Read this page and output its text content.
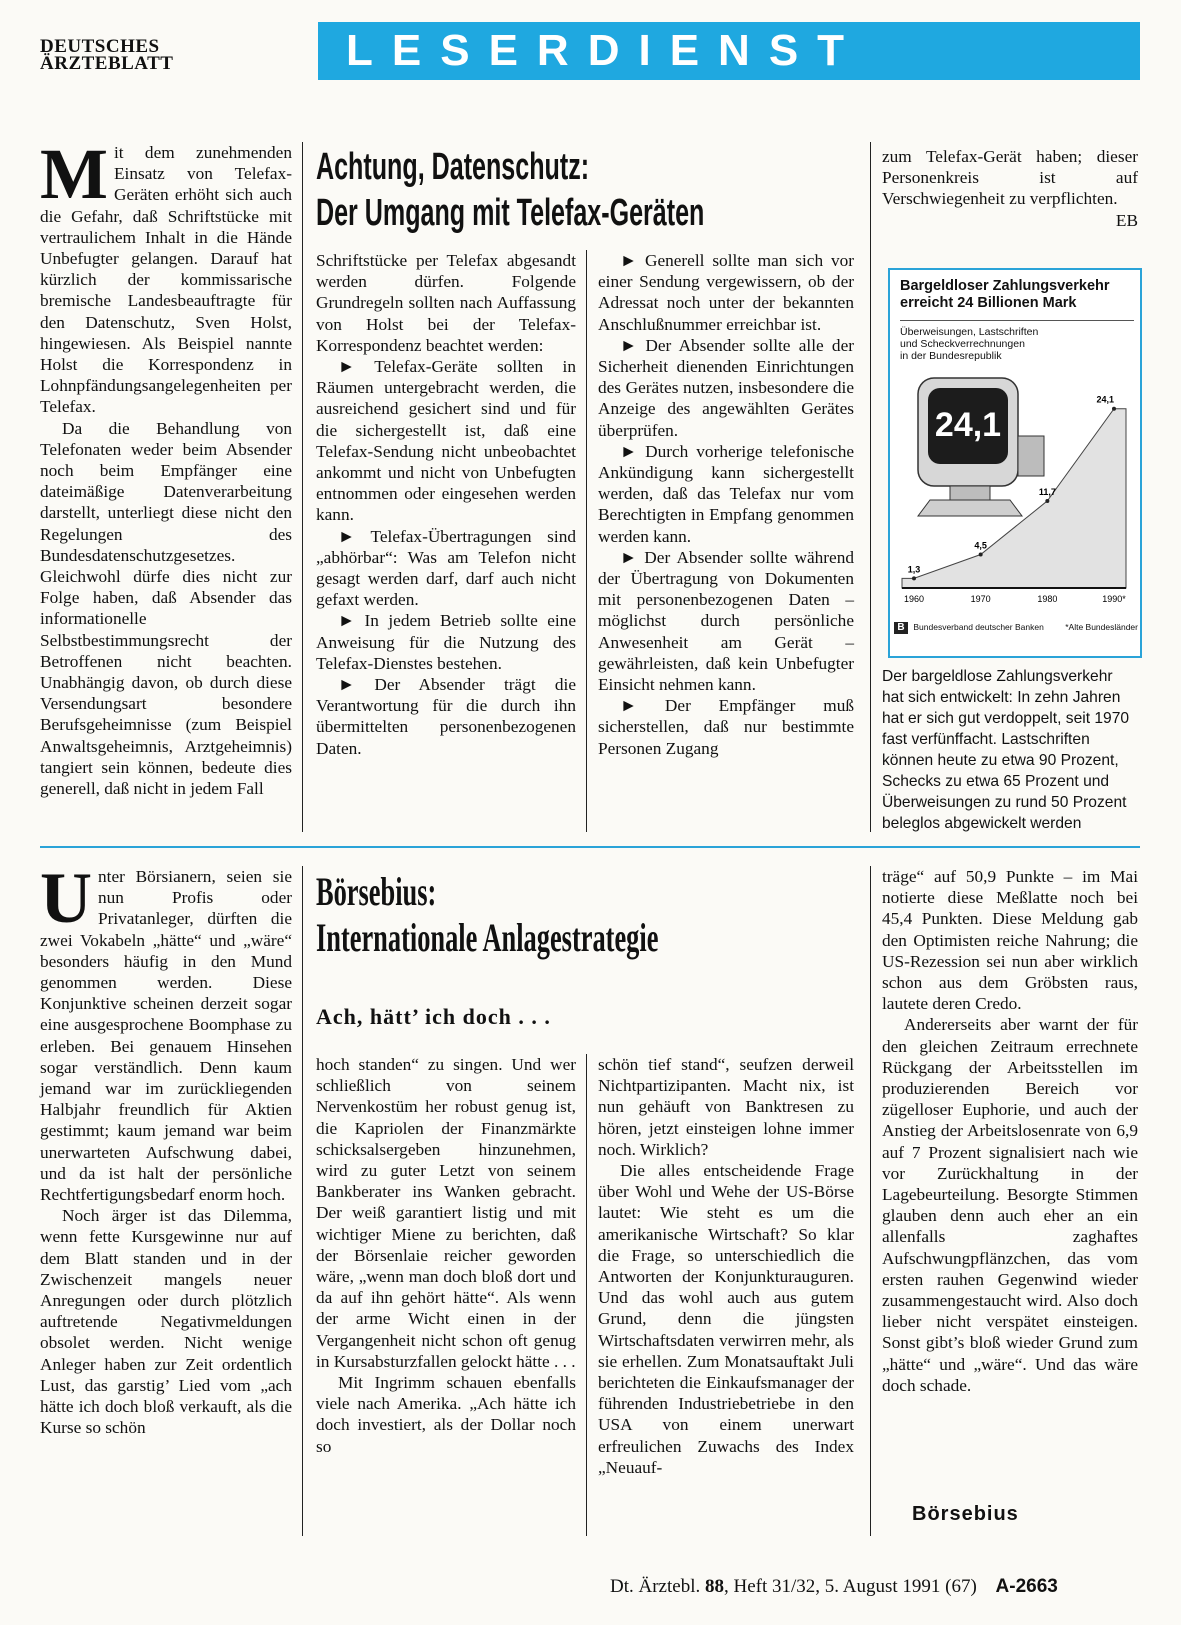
DEUTSCHES
ÄRZTEBLATT	LESERDIENST
M it dem zunehmenden Einsatz von Telefax-Geräten erhöht sich auch die Gefahr, daß Schriftstücke mit vertraulichem Inhalt in die Hände Unbefugter gelangen. Darauf hat kürzlich der kommissarische bremische Landesbeauftragte für den Datenschutz, Sven Holst, hingewiesen. Als Beispiel nannte Holst die Korrespondenz in Lohnpfändungsangelegenheiten per Telefax.

Da die Behandlung von Telefonaten weder beim Absender noch beim Empfänger eine dateimäßige Datenverarbeitung darstellt, unterliegt diese nicht den Regelungen des Bundesdatenschutzgesetzes. Gleichwohl dürfe dies nicht zur Folge haben, daß Absender das informationelle Selbstbestimmungsrecht der Betroffenen nicht beachten. Unabhängig davon, ob durch diese Versendungsart besondere Berufsgeheimnisse (zum Beispiel Anwaltsgeheimnis, Arztgeheimnis) tangiert sein können, bedeute dies generell, daß nicht in jedem Fall

Achtung, Datenschutz:
Der Umgang mit Telefax-Geräten

Schriftstücke per Telefax abgesandt werden dürfen. Folgende Grundregeln sollten nach Auffassung von Holst bei der Telefax-Korrespondenz beachtet werden:

► Telefax-Geräte sollten in Räumen untergebracht werden, die ausreichend gesichert sind und für die sichergestellt ist, daß eine Telefax-Sendung nicht unbeobachtet ankommt und nicht von Unbefugten entnommen oder eingesehen werden kann.

► Telefax-Übertragungen sind „abhörbar“: Was am Telefon nicht gesagt werden darf, darf auch nicht gefaxt werden.

► In jedem Betrieb sollte eine Anweisung für die Nutzung des Telefax-Dienstes bestehen.

► Der Absender trägt die Verantwortung für die durch ihn übermittelten personenbezogenen Daten.

► Generell sollte man sich vor einer Sendung vergewissern, ob der Adressat noch unter der bekannten Anschlußnummer erreichbar ist.

► Der Absender sollte alle der Sicherheit dienenden Einrichtungen des Gerätes nutzen, insbesondere die Anzeige des angewählten Gerätes überprüfen.

► Durch vorherige telefonische Ankündigung kann sichergestellt werden, daß das Telefax nur vom Berechtigten in Empfang genommen werden kann.

► Der Absender sollte während der Übertragung von Dokumenten mit personenbezogenen Daten – möglichst durch persönliche Anwesenheit am Gerät – gewährleisten, daß kein Unbefugter Einsicht nehmen kann.

► Der Empfänger muß sicherstellen, daß nur bestimmte Personen Zugang

zum Telefax-Gerät haben; dieser Personenkreis ist auf Verschwiegenheit zu verpflichten.
EB

Bargeldloser Zahlungsverkehr
erreicht 24 Billionen Mark
Überweisungen, Lastschriften
und Scheckverrechnungen
in der Bundesrepublik
24,1
1,3
1960
4,5
1970
11,7
1980
24,1
1990*
B Bundesverband deutscher Banken	*Alte Bundesländer
Der bargeldlose Zahlungsverkehr hat sich entwickelt: In zehn Jahren hat er sich gut verdoppelt, seit 1970 fast verfünffacht. Lastschriften können heute zu etwa 90 Prozent, Schecks zu etwa 65 Prozent und Überweisungen zu rund 50 Prozent beleglos abgewickelt werden
U nter Börsianern, seien sie nun Profis oder Privatanleger, dürften die zwei Vokabeln „hätte“ und „wäre“ besonders häufig in den Mund genommen werden. Diese Konjunktive scheinen derzeit sogar eine ausgesprochene Boomphase zu erleben. Bei genauem Hinsehen sogar verständlich. Denn kaum jemand war im zurückliegenden Halbjahr freundlich für Aktien gestimmt; kaum jemand war beim unerwarteten Aufschwung dabei, und da ist halt der persönliche Rechtfertigungsbedarf enorm hoch.

Noch ärger ist das Dilemma, wenn fette Kursgewinne nur auf dem Blatt standen und in der Zwischenzeit mangels neuer Anregungen oder durch plötzlich auftretende Negativmeldungen obsolet werden. Nicht wenige Anleger haben zur Zeit ordentlich Lust, das garstig’ Lied vom „ach hätte ich doch bloß verkauft, als die Kurse so schön

Börsebius:
Internationale Anlagestrategie
Ach, hätt’ ich doch . . .

hoch standen“ zu singen. Und wer schließlich von seinem Nervenkostüm her robust genug ist, die Kapriolen der Finanzmärkte schicksalsergeben hinzunehmen, wird zu guter Letzt von seinem Bankberater ins Wanken gebracht. Der weiß garantiert listig und mit wichtiger Miene zu berichten, daß der Börsenlaie reicher geworden wäre, „wenn man doch bloß dort und da auf ihn gehört hätte“. Als wenn der arme Wicht einen in der Vergangenheit nicht schon oft genug in Kursabsturzfallen gelockt hätte . . .

Mit Ingrimm schauen ebenfalls viele nach Amerika. „Ach hätte ich doch investiert, als der Dollar noch so

schön tief stand“, seufzen derweil Nichtpartizipanten. Macht nix, ist nun gehäuft von Banktresen zu hören, jetzt einsteigen lohne immer noch. Wirklich?

Die alles entscheidende Frage über Wohl und Wehe der US-Börse lautet: Wie steht es um die amerikanische Wirtschaft? So klar die Frage, so unterschiedlich die Antworten der Konjunkturauguren. Und das wohl auch aus gutem Grund, denn die jüngsten Wirtschaftsdaten verwirren mehr, als sie erhellen. Zum Monatsauftakt Juli berichteten die Einkaufsmanager der führenden Industriebetriebe in den USA von einem unerwart erfreulichen Zuwachs des Index „Neuauf-

träge“ auf 50,9 Punkte – im Mai notierte diese Meßlatte noch bei 45,4 Punkten. Diese Meldung gab den Optimisten reiche Nahrung; die US-Rezession sei nun aber wirklich schon aus dem Gröbsten raus, lautete deren Credo.

Andererseits aber warnt der für den gleichen Zeitraum errechnete Rückgang der Arbeitsstellen im produzierenden Bereich vor zügelloser Euphorie, und auch der Anstieg der Arbeitslosenrate von 6,9 auf 7 Prozent signalisiert nach wie vor Zurückhaltung in der Lagebeurteilung. Besorgte Stimmen glauben denn auch eher an ein allenfalls zaghaftes Aufschwungpflänzchen, das vom ersten rauhen Gegenwind wieder zusammengestaucht wird. Also doch lieber nicht verspätet einsteigen. Sonst gibt’s bloß wieder Grund zum „hätte“ und „wäre“. Und das wäre doch schade.

Börsebius
Dt. Ärztebl. 88, Heft 31/32, 5. August 1991 (67) A-2663
